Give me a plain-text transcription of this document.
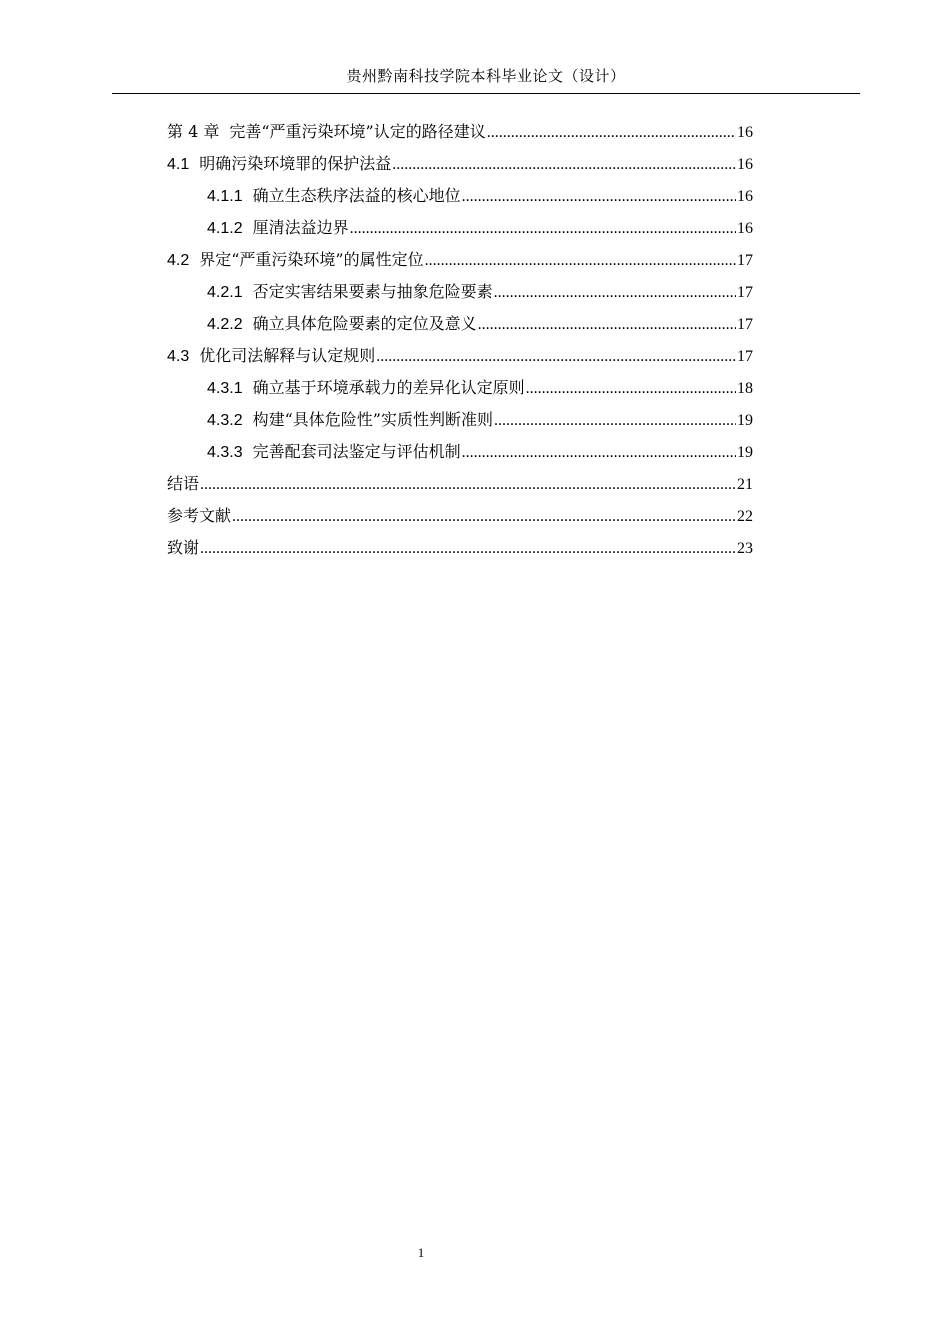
贵州黔南科技学院本科毕业论文（设计）
第 4 章 完善“严重污染环境”认定的路径建议 .....	16
4.1 明确污染环境罪的保护法益 .....	16
4.1.1 确立生态秩序法益的核心地位 .....	16
4.1.2 厘清法益边界 .....	16
4.2 界定“严重污染环境”的属性定位 .....	17
4.2.1 否定实害结果要素与抽象危险要素 .....	17
4.2.2 确立具体危险要素的定位及意义 .....	17
4.3 优化司法解释与认定规则 .....	17
4.3.1 确立基于环境承载力的差异化认定原则 .....	18
4.3.2 构建“具体危险性”实质性判断准则 .....	19
4.3.3 完善配套司法鉴定与评估机制 .....	19
结语 .....	21
参考文献 .....	22
致谢 .....	23
1
